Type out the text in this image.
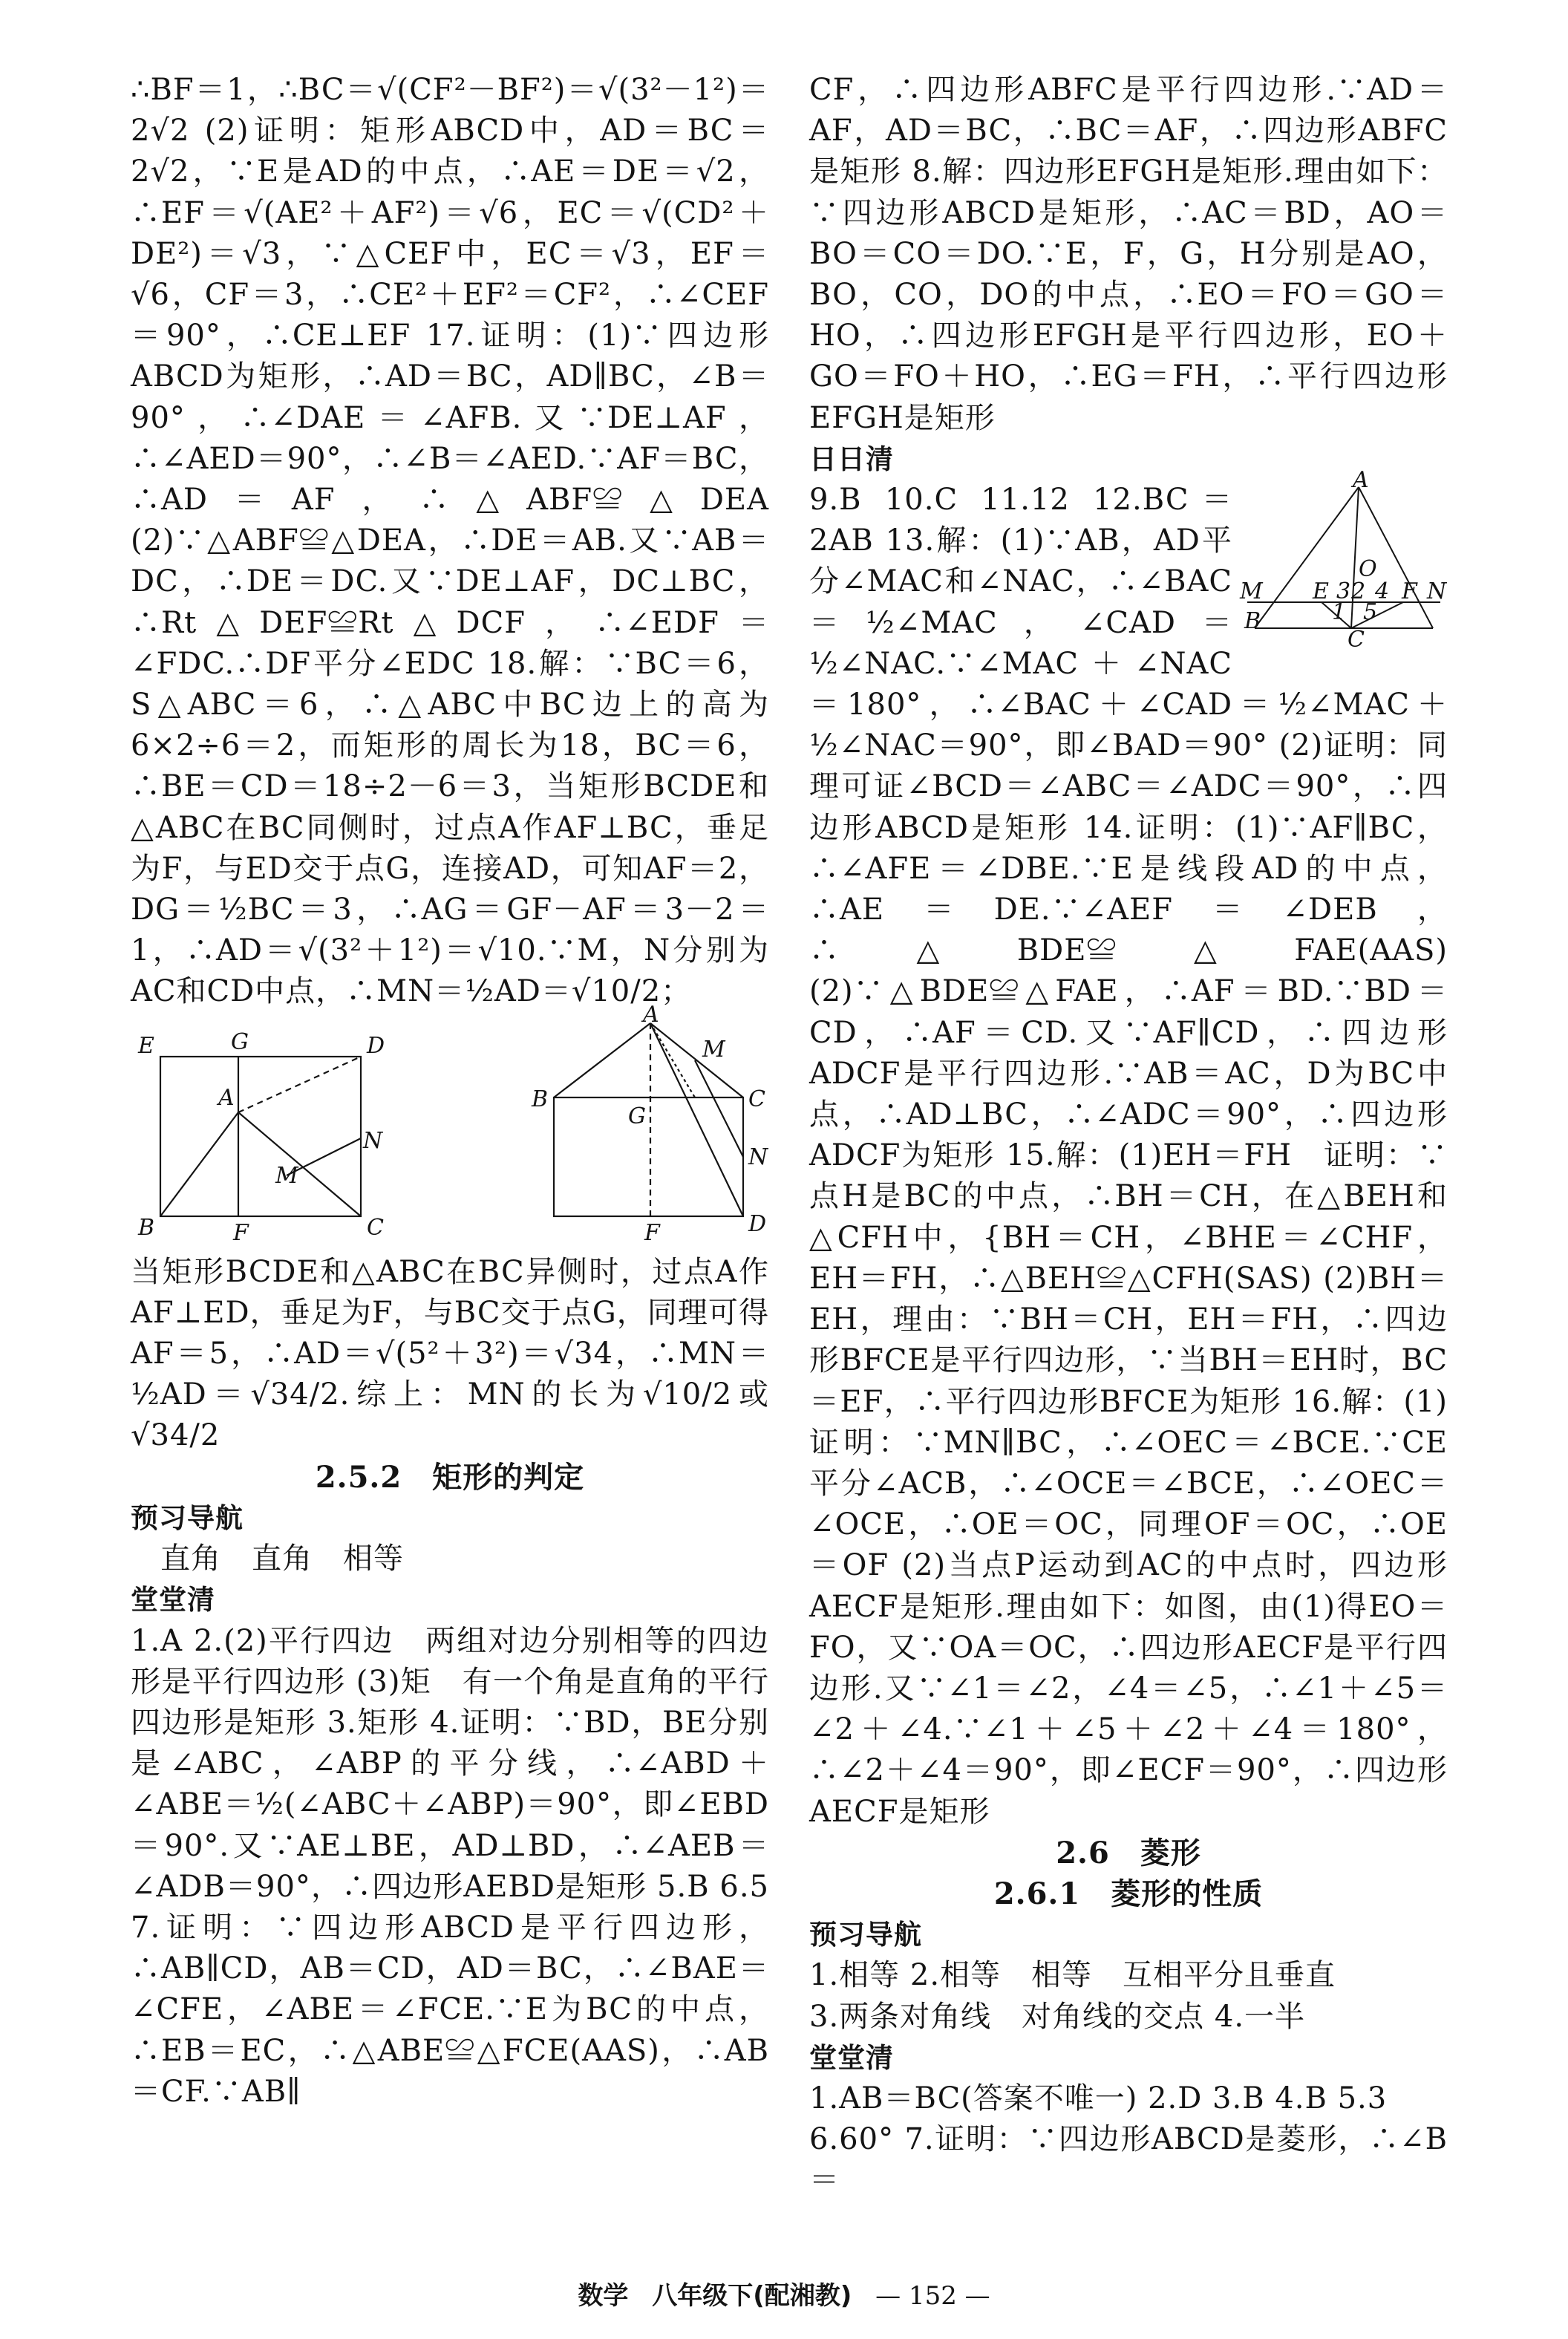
∴BF＝1，∴BC＝√(CF²－BF²)＝√(3²－1²)＝2√2 (2)证明：矩形ABCD中，AD＝BC＝2√2，∵E是AD的中点，∴AE＝DE＝√2，∴EF＝√(AE²＋AF²)＝√6，EC＝√(CD²＋DE²)＝√3，∵△CEF中，EC＝√3，EF＝√6，CF＝3，∴CE²＋EF²＝CF²，∴∠CEF＝90°，∴CE⊥EF 17.证明：(1)∵四边形ABCD为矩形，∴AD＝BC，AD∥BC，∠B＝90°，∴∠DAE＝∠AFB.又∵DE⊥AF，∴∠AED＝90°，∴∠B＝∠AED.∵AF＝BC，∴AD＝AF，∴△ABF≌△DEA (2)∵△ABF≌△DEA，∴DE＝AB.又∵AB＝DC，∴DE＝DC.又∵DE⊥AF，DC⊥BC，∴Rt△DEF≌Rt△DCF，∴∠EDF＝∠FDC.∴DF平分∠EDC 18.解：∵BC＝6，S△ABC＝6，∴△ABC中BC边上的高为6×2÷6＝2，而矩形的周长为18，BC＝6，∴BE＝CD＝18÷2－6＝3，当矩形BCDE和△ABC在BC同侧时，过点A作AF⊥BC，垂足为F，与ED交于点G，连接AD，可知AF＝2，DG＝½BC＝3，∴AG＝GF－AF＝3－2＝1，∴AD＝√(3²＋1²)＝√10.∵M，N分别为AC和CD中点，∴MN＝½AD＝√10/2；

E	G	D
A
N
M
B	F	C
A
M
B
G
C
N
F	D

当矩形BCDE和△ABC在BC异侧时，过点A作AF⊥ED，垂足为F，与BC交于点G，同理可得AF＝5，∴AD＝√(5²＋3²)＝√34，∴MN＝½AD＝√34/2.综上：MN的长为√10/2或√34/2

2.5.2　矩形的判定

预习导航

直角　直角　相等

堂堂清

1.A 2.(2)平行四边　两组对边分别相等的四边形是平行四边形 (3)矩　有一个角是直角的平行四边形是矩形 3.矩形 4.证明：∵BD，BE分别是∠ABC，∠ABP的平分线，∴∠ABD＋∠ABE＝½(∠ABC＋∠ABP)＝90°，即∠EBD＝90°.又∵AE⊥BE，AD⊥BD，∴∠AEB＝∠ADB＝90°，∴四边形AEBD是矩形 5.B 6.5 7.证明：∵四边形ABCD是平行四边形，∴AB∥CD，AB＝CD，AD＝BC，∴∠BAE＝∠CFE，∠ABE＝∠FCE.∵E为BC的中点，∴EB＝EC，∴△ABE≌△FCE(AAS)，∴AB＝CF.∵AB∥

CF，∴四边形ABFC是平行四边形.∵AD＝AF，AD＝BC，∴BC＝AF，∴四边形ABFC是矩形 8.解：四边形EFGH是矩形.理由如下：∵四边形ABCD是矩形，∴AC＝BD，AO＝BO＝CO＝DO.∵E，F，G，H分别是AO，BO，CO，DO的中点，∴EO＝FO＝GO＝HO，∴四边形EFGH是平行四边形，EO＋GO＝FO＋HO，∴EG＝FH，∴平行四边形EFGH是矩形

日日清

A
O
M E 3 2 4 F N
1 5
B
C
9.B 10.C 11.12 12.BC＝2AB 13.解：(1)∵AB，AD平分∠MAC和∠NAC，∴∠BAC＝½∠MAC，∠CAD＝½∠NAC.∵∠MAC＋∠NAC＝180°，∴∠BAC＋∠CAD＝½∠MAC＋½∠NAC＝90°，即∠BAD＝90° (2)证明：同理可证∠BCD＝∠ABC＝∠ADC＝90°，∴四边形ABCD是矩形 14.证明：(1)∵AF∥BC，∴∠AFE＝∠DBE.∵E是线段AD的中点，∴AE＝DE.∵∠AEF＝∠DEB，∴△BDE≌△FAE(AAS) (2)∵△BDE≌△FAE，∴AF＝BD.∵BD＝CD，∴AF＝CD.又∵AF∥CD，∴四边形ADCF是平行四边形.∵AB＝AC，D为BC中点，∴AD⊥BC，∴∠ADC＝90°，∴四边形ADCF为矩形 15.解：(1)EH＝FH　证明：∵点H是BC的中点，∴BH＝CH，在△BEH和△CFH中，{BH＝CH，∠BHE＝∠CHF，EH＝FH，∴△BEH≌△CFH(SAS) (2)BH＝EH，理由：∵BH＝CH，EH＝FH，∴四边形BFCE是平行四边形，∵当BH＝EH时，BC＝EF，∴平行四边形BFCE为矩形 16.解：(1)证明：∵MN∥BC，∴∠OEC＝∠BCE.∵CE平分∠ACB，∴∠OCE＝∠BCE，∴∠OEC＝∠OCE，∴OE＝OC，同理OF＝OC，∴OE＝OF (2)当点P运动到AC的中点时，四边形AECF是矩形.理由如下：如图，由(1)得EO＝FO，又∵OA＝OC，∴四边形AECF是平行四边形.又∵∠1＝∠2，∠4＝∠5，∴∠1＋∠5＝∠2＋∠4.∵∠1＋∠5＋∠2＋∠4＝180°，∴∠2＋∠4＝90°，即∠ECF＝90°，∴四边形AECF是矩形

2.6　菱形

2.6.1　菱形的性质

预习导航

1.相等 2.相等　相等　互相平分且垂直

3.两条对角线　对角线的交点 4.一半

堂堂清

1.AB＝BC(答案不唯一) 2.D 3.B 4.B 5.3

6.60° 7.证明：∵四边形ABCD是菱形，∴∠B＝

数学 八年级下(配湘教) — 152 —
